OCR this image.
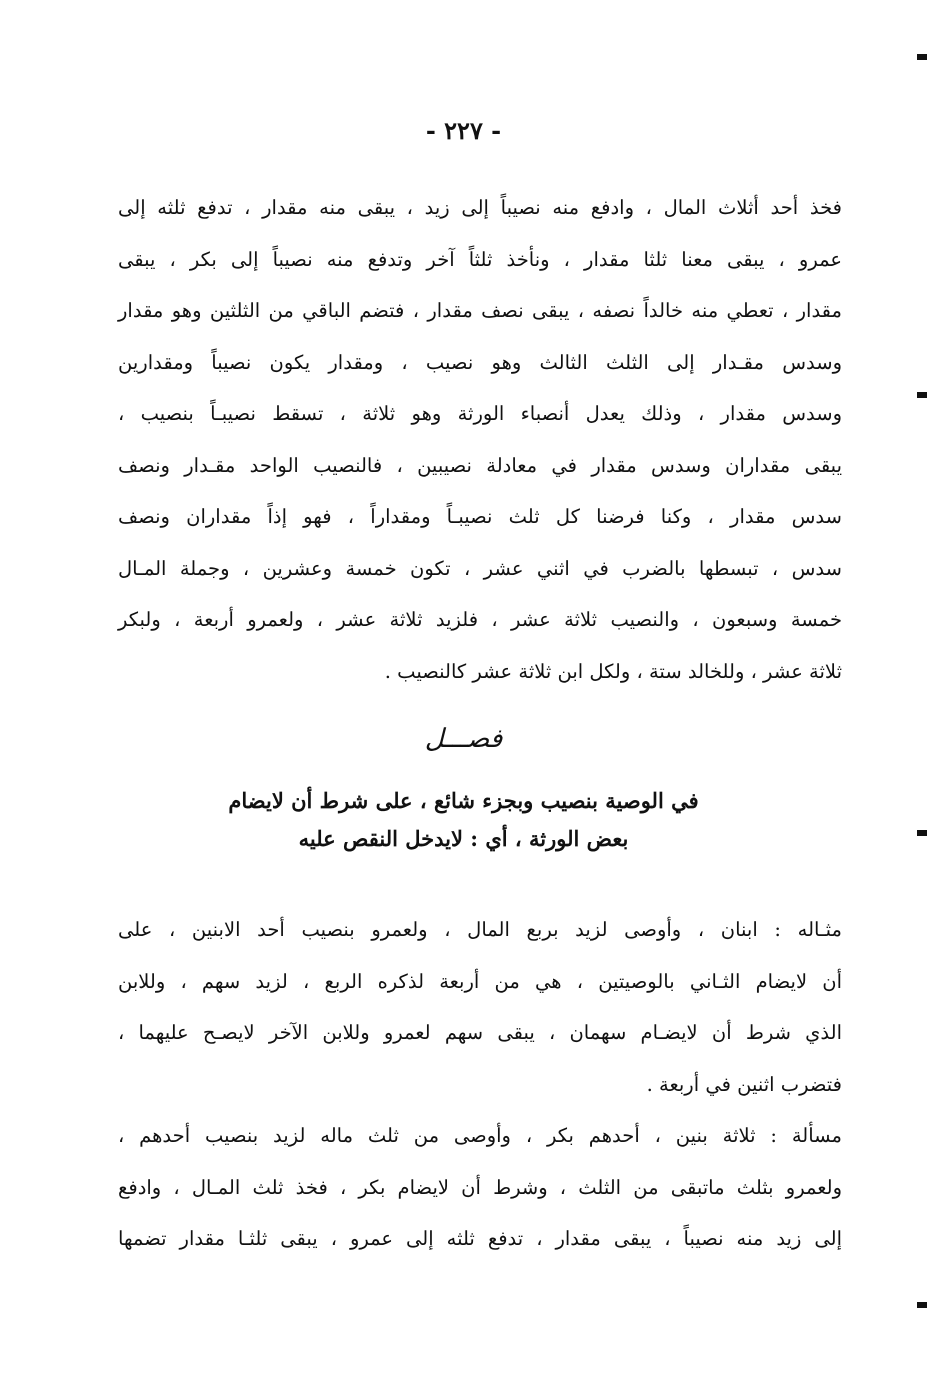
- ٢٢٧ -
فخذ أحد أثلاث المال ، وادفع منه نصيباً إلى زيد ، يبقى منه مقدار ، تدفع ثلثه إلى
عمرو ، يبقى معنا ثلثا مقدار ، ونأخذ ثلثاً آخر وتدفع منه نصيباً إلى بكر ، يبقى
مقدار ، تعطي منه خالداً نصفه ، يبقى نصف مقدار ، فتضم الباقي من الثلثين وهو مقدار
وسدس مقـدار إلى الثلث الثالث وهو نصيب ، ومقدار يكون نصيباً ومقدارين
وسدس مقدار ، وذلك يعدل أنصباء الورثة وهو ثلاثة ، تسقط نصيبـاً بنصيب ،
يبقى مقداران وسدس مقدار في معادلة نصيبين ، فالنصيب الواحد مقـدار ونصف
سدس مقدار ، وكنا فرضنا كل ثلث نصيبـاً ومقداراً ، فهو إذاً مقداران ونصف
سدس ، تبسطها بالضرب في اثني عشر ، تكون خمسة وعشرين ، وجملة المـال
خمسة وسبعون ، والنصيب ثلاثة عشر ، فلزيد ثلاثة عشر ، ولعمرو أربعة ، ولبكر
ثلاثة عشر ، وللخالد ستة ، ولكل ابن ثلاثة عشر كالنصيب .
فصـــل
في الوصية بنصيب وبجزء شائع ، على شرط أن لايضام
بعض الورثة ، أي : لايدخل النقص عليه
مثـاله : ابنان ، وأوصى لزيد بربع المال ، ولعمرو بنصيب أحد الابنين ، على
أن لايضام الثـاني بالوصيتين ، هي من أربعة لذكره الربع ، لزيد سهم ، وللابن
الذي شرط أن لايضـام سهمان ، يبقى سهم لعمرو وللابن الآخر لايصـح عليهما ،
فتضرب اثنين في أربعة .
مسألة : ثلاثة بنين ، أحدهم بكر ، وأوصى من ثلث ماله لزيد بنصيب أحدهم ،
ولعمرو بثلث ماتبقى من الثلث ، وشرط أن لايضام بكر ، فخذ ثلث المـال ، وادفع
إلى زيد منه نصيباً ، يبقى مقدار ، تدفع ثلثه إلى عمرو ، يبقى ثلثـا مقدار تضمها
